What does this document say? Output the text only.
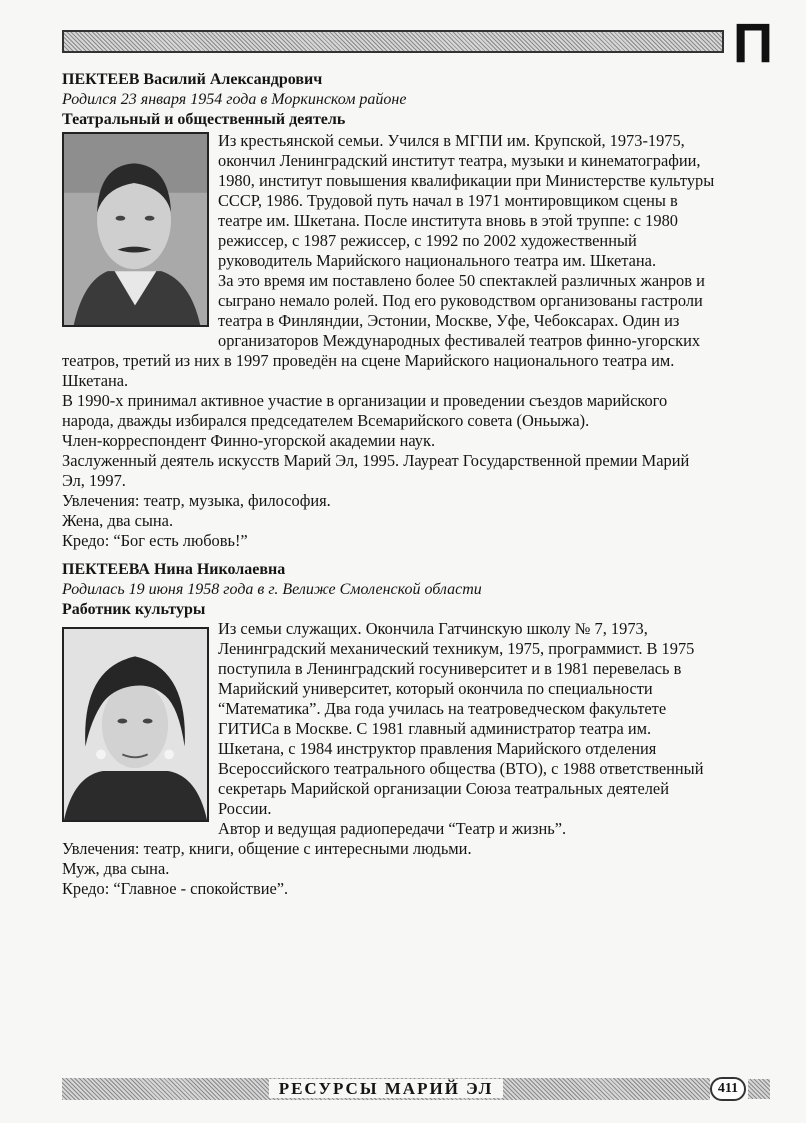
П
ПЕКТЕЕВ Василий Александрович
Родился 23 января 1954 года в Моркинском районе
Театральный и общественный деятель
Из крестьянской семьи. Учился в МГПИ им. Крупской, 1973-1975,
окончил Ленинградский институт театра, музыки и кинематографии,
1980, институт повышения квалификации при Министерстве культуры
СССР, 1986. Трудовой путь начал в 1971 монтировщиком сцены в
театре им. Шкетана. После института вновь в этой труппе: с 1980
режиссер, с 1987 режиссер, с 1992 по 2002 художественный
руководитель Марийского национального театра им. Шкетана.
За это время им поставлено более 50 спектаклей различных жанров и
сыграно немало ролей. Под его руководством организованы гастроли
театра в Финляндии, Эстонии, Москве, Уфе, Чебоксарах. Один из
организаторов Международных фестивалей театров финно-угорских
театров, третий из них в 1997 проведён на сцене Марийского национального театра им.
Шкетана.
В 1990-х принимал активное участие в организации и проведении съездов марийского
народа, дважды избирался председателем Всемарийского совета (Оньыжа).
Член-корреспондент Финно-угорской академии наук.
Заслуженный деятель искусств Марий Эл, 1995. Лауреат Государственной премии Марий
Эл, 1997.
Увлечения: театр, музыка, философия.
Жена, два сына.
Кредо: “Бог есть любовь!”
ПЕКТЕЕВА Нина Николаевна
Родилась 19 июня 1958 года в г. Велиже Смоленской области
Работник культуры
Из семьи служащих. Окончила Гатчинскую школу № 7, 1973,
Ленинградский механический техникум, 1975, программист. В 1975
поступила в Ленинградский госуниверситет и в 1981 перевелась в
Марийский университет, который окончила по специальности
“Математика”. Два года училась на театроведческом факультете
ГИТИСа в Москве. С 1981 главный администратор театра им.
Шкетана, с 1984 инструктор правления Марийского отделения
Всероссийского театрального общества (ВТО), с 1988 ответственный
секретарь Марийской организации Союза театральных деятелей
России.
Автор и ведущая радиопередачи “Театр и жизнь”.
Увлечения: театр, книги, общение с интересными людьми.
Муж, два сына.
Кредо: “Главное - спокойствие”.
РЕСУРСЫ МАРИЙ ЭЛ	411
